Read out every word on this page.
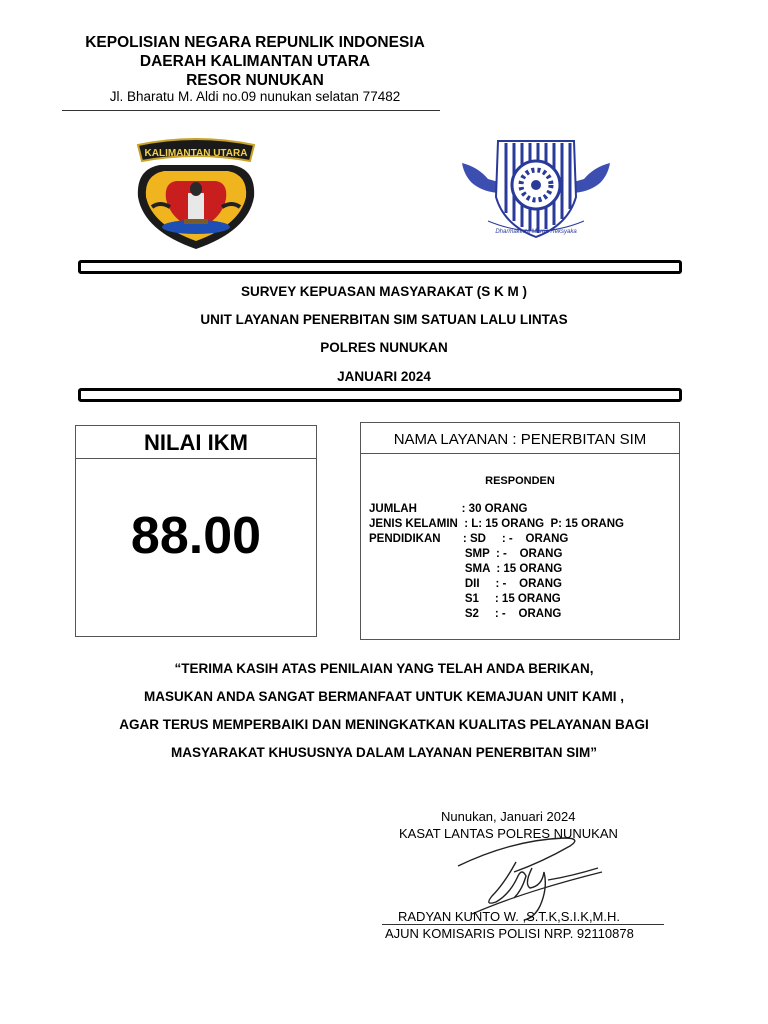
KEPOLISIAN NEGARA REPUNLIK INDONESIA
DAERAH KALIMANTAN UTARA
RESOR NUNUKAN
Jl. Bharatu M. Aldi no.09 nunukan selatan 77482
KALIMANTAN UTARA
Dharmakerta Marga Reksyaka
SURVEY KEPUASAN MASYARAKAT (S K M )
UNIT LAYANAN PENERBITAN SIM SATUAN LALU LINTAS
POLRES NUNUKAN
JANUARI 2024
NILAI IKM
88.00
NAMA LAYANAN : PENERBITAN SIM
RESPONDEN
JUMLAH              : 30 ORANG
JENIS KELAMIN  : L: 15 ORANG  P: 15 ORANG
PENDIDIKAN       : SD     : -    ORANG
SMP  : -    ORANG
SMA  : 15 ORANG
DII     : -    ORANG
S1     : 15 ORANG
S2     : -    ORANG
“TERIMA KASIH ATAS PENILAIAN YANG TELAH ANDA BERIKAN,
MASUKAN ANDA SANGAT BERMANFAAT UNTUK KEMAJUAN UNIT KAMI ,
AGAR TERUS MEMPERBAIKI DAN MENINGKATKAN KUALITAS PELAYANAN BAGI
MASYARAKAT KHUSUSNYA DALAM LAYANAN PENERBITAN SIM”
Nunukan, Januari 2024
KASAT LANTAS POLRES NUNUKAN
RADYAN KUNTO W. ,S.T.K,S.I.K,M.H.
AJUN KOMISARIS POLISI NRP. 92110878
